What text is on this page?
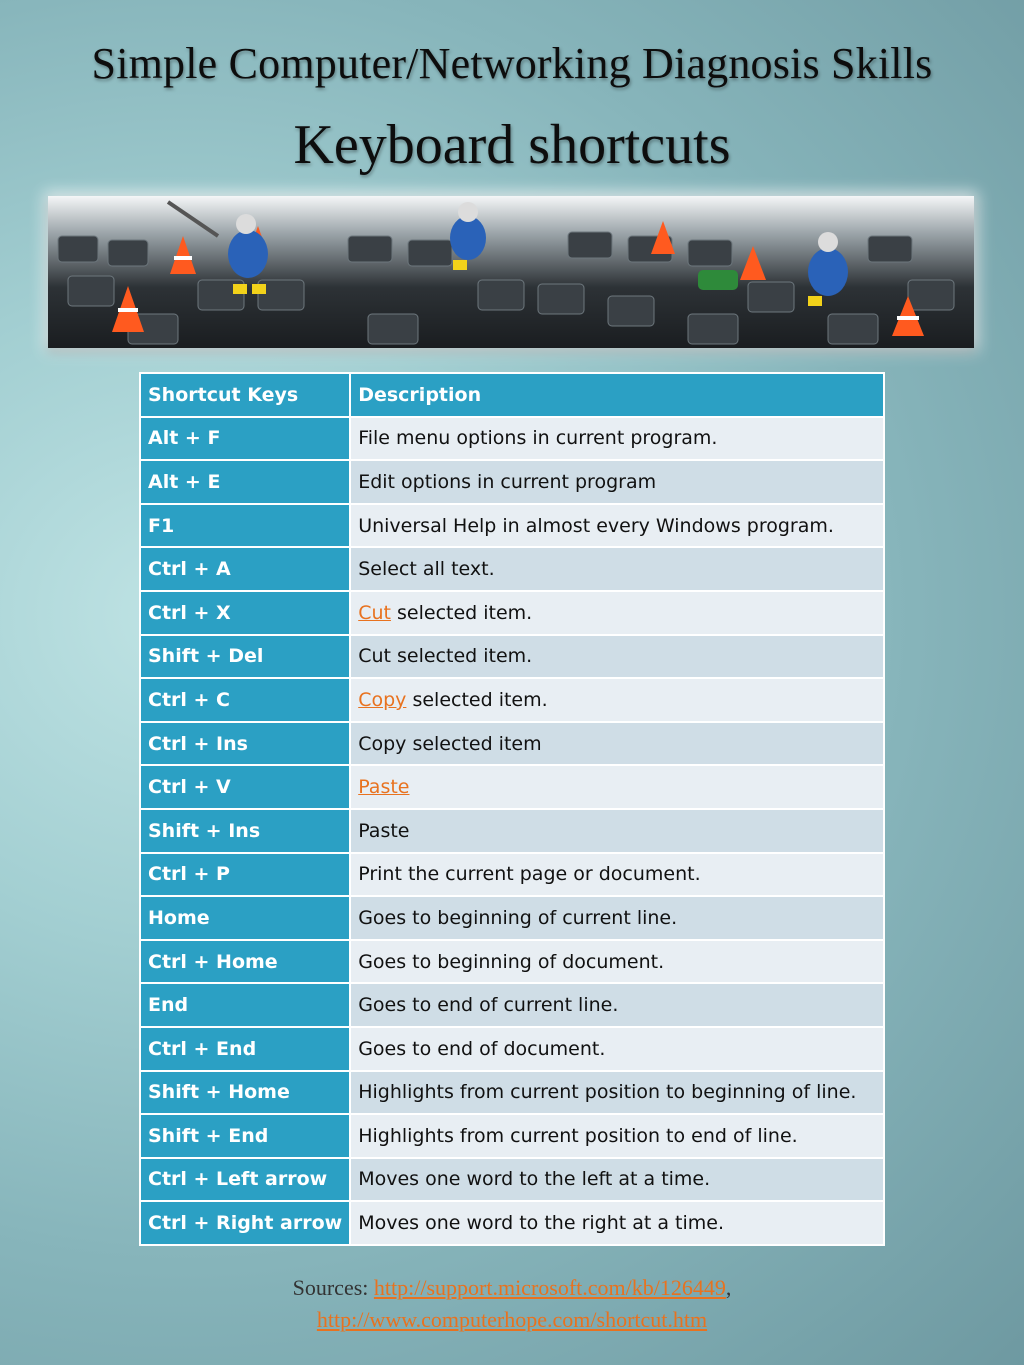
Simple Computer/Networking Diagnosis Skills
Keyboard shortcuts
Shortcut Keys	Description
Alt + F	File menu options in current program.
Alt + E	Edit options in current program
F1	Universal Help in almost every Windows program.
Ctrl + A	Select all text.
Ctrl + X	Cut selected item.
Shift + Del	Cut selected item.
Ctrl + C	Copy selected item.
Ctrl + Ins	Copy selected item
Ctrl + V	Paste
Shift + Ins	Paste
Ctrl + P	Print the current page or document.
Home	Goes to beginning of current line.
Ctrl + Home	Goes to beginning of document.
End	Goes to end of current line.
Ctrl + End	Goes to end of document.
Shift + Home	Highlights from current position to beginning of line.
Shift + End	Highlights from current position to end of line.
Ctrl + Left arrow	Moves one word to the left at a time.
Ctrl + Right arrow	Moves one word to the right at a time.
Sources: http://support.microsoft.com/kb/126449,
http://www.computerhope.com/shortcut.htm
